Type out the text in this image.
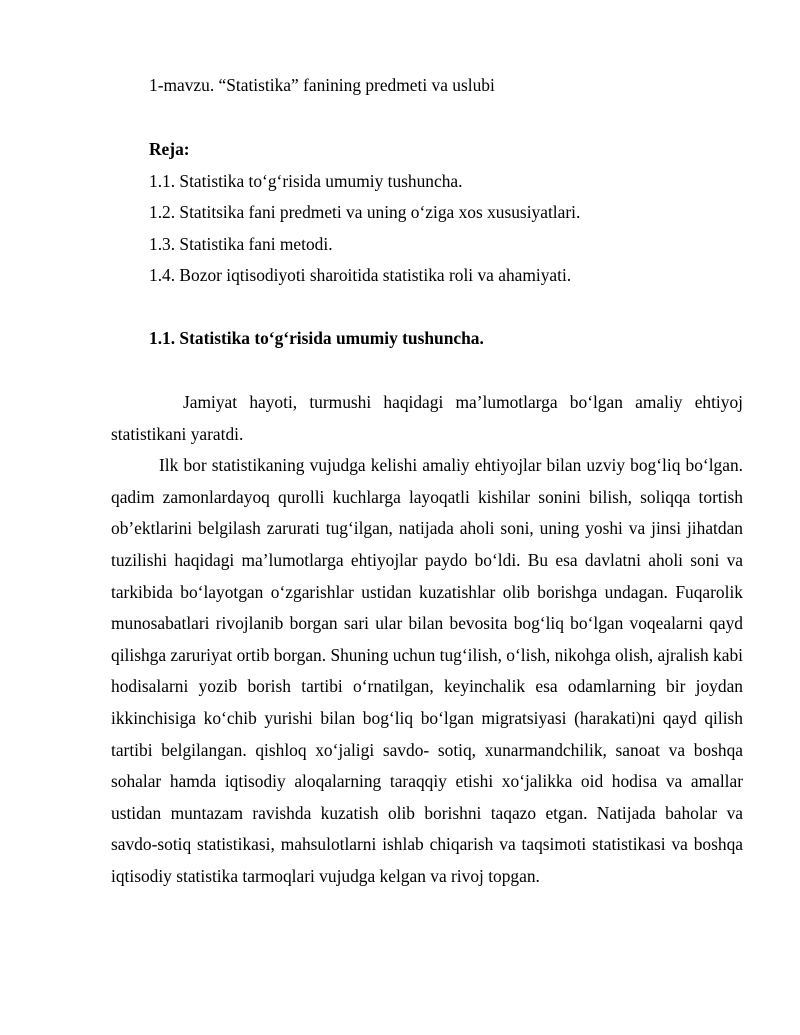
1-mavzu. “Statistika” fanining predmeti va uslubi
Reja:
1.1. Statistika to‘g‘risida umumiy tushuncha.
1.2. Statitsika fani predmeti va uning o‘ziga xos xususiyatlari.
1.3. Statistika fani metodi.
1.4. Bozor iqtisodiyoti sharoitida statistika roli va ahamiyati.
1.1. Statistika to‘g‘risida umumiy tushuncha.

Jamiyat hayoti, turmushi haqidagi ma’lumotlarga bo‘lgan amaliy ehtiyoj statistikani yaratdi.

Ilk bor statistikaning vujudga kelishi amaliy ehtiyojlar bilan uzviy bog‘liq bo‘lgan. qadim zamonlardayoq qurolli kuchlarga layoqatli kishilar sonini bilish, soliqqa tortish ob’ektlarini belgilash zarurati tug‘ilgan, natijada aholi soni, uning yoshi va jinsi jihatdan tuzilishi haqidagi ma’lumotlarga ehtiyojlar paydo bo‘ldi. Bu esa davlatni aholi soni va tarkibida bo‘layotgan o‘zgarishlar ustidan kuzatishlar olib borishga undagan. Fuqarolik munosabatlari rivojlanib borgan sari ular bilan bevosita bog‘liq bo‘lgan voqealarni qayd qilishga zaruriyat ortib borgan. Shuning uchun tug‘ilish, o‘lish, nikohga olish, ajralish kabi hodisalarni yozib borish tartibi o‘rnatilgan, keyinchalik esa odamlarning bir joydan ikkinchisiga ko‘chib yurishi bilan bog‘liq bo‘lgan migratsiyasi (harakati)ni qayd qilish tartibi belgilangan. qishloq xo‘jaligi savdo- sotiq, xunarmandchilik, sanoat va boshqa sohalar hamda iqtisodiy aloqalarning taraqqiy etishi xo‘jalikka oid hodisa va amallar ustidan muntazam ravishda kuzatish olib borishni taqazo etgan. Natijada baholar va savdo-sotiq statistikasi, mahsulotlarni ishlab chiqarish va taqsimoti statistikasi va boshqa iqtisodiy statistika tarmoqlari vujudga kelgan va rivoj topgan.
